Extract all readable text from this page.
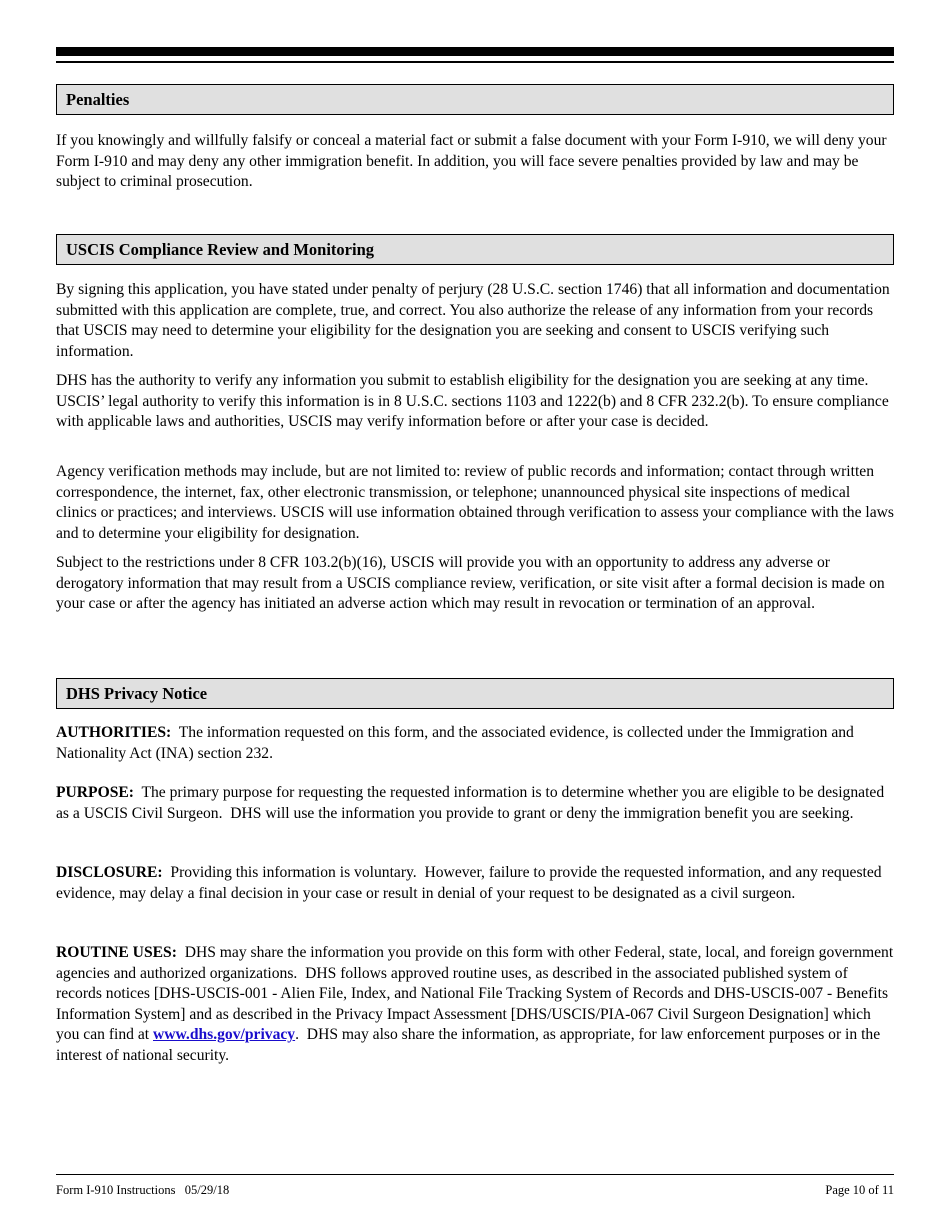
Penalties

If you knowingly and willfully falsify or conceal a material fact or submit a false document with your Form I-910, we will deny your Form I-910 and may deny any other immigration benefit. In addition, you will face severe penalties provided by law and may be subject to criminal prosecution.

USCIS Compliance Review and Monitoring

By signing this application, you have stated under penalty of perjury (28 U.S.C. section 1746) that all information and documentation submitted with this application are complete, true, and correct. You also authorize the release of any information from your records that USCIS may need to determine your eligibility for the designation you are seeking and consent to USCIS verifying such information.

DHS has the authority to verify any information you submit to establish eligibility for the designation you are seeking at any time. USCIS’ legal authority to verify this information is in 8 U.S.C. sections 1103 and 1222(b) and 8 CFR 232.2(b). To ensure compliance with applicable laws and authorities, USCIS may verify information before or after your case is decided.

Agency verification methods may include, but are not limited to: review of public records and information; contact through written correspondence, the internet, fax, other electronic transmission, or telephone; unannounced physical site inspections of medical clinics or practices; and interviews. USCIS will use information obtained through verification to assess your compliance with the laws and to determine your eligibility for designation.

Subject to the restrictions under 8 CFR 103.2(b)(16), USCIS will provide you with an opportunity to address any adverse or derogatory information that may result from a USCIS compliance review, verification, or site visit after a formal decision is made on your case or after the agency has initiated an adverse action which may result in revocation or termination of an approval.

DHS Privacy Notice

AUTHORITIES:  The information requested on this form, and the associated evidence, is collected under the Immigration and Nationality Act (INA) section 232.

PURPOSE:  The primary purpose for requesting the requested information is to determine whether you are eligible to be designated as a USCIS Civil Surgeon.  DHS will use the information you provide to grant or deny the immigration benefit you are seeking.

DISCLOSURE:  Providing this information is voluntary.  However, failure to provide the requested information, and any requested evidence, may delay a final decision in your case or result in denial of your request to be designated as a civil surgeon.

ROUTINE USES:  DHS may share the information you provide on this form with other Federal, state, local, and foreign government agencies and authorized organizations.  DHS follows approved routine uses, as described in the associated published system of records notices [DHS-USCIS-001 - Alien File, Index, and National File Tracking System of Records and DHS-USCIS-007 - Benefits Information System] and as described in the Privacy Impact Assessment [DHS/USCIS/PIA-067 Civil Surgeon Designation] which you can find at www.dhs.gov/privacy.  DHS may also share the information, as appropriate, for law enforcement purposes or in the interest of national security.

Form I-910 Instructions   05/29/18	Page 10 of 11
